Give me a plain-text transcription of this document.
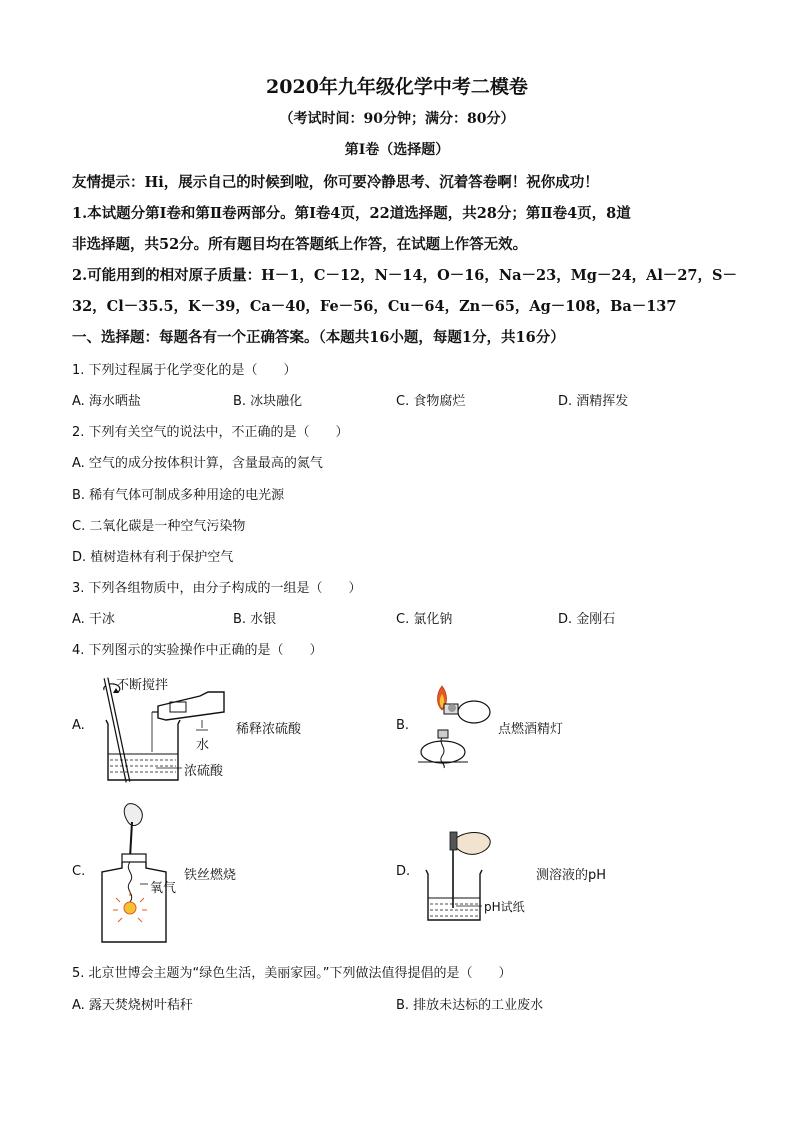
2020年九年级化学中考二模卷
（考试时间：90分钟；满分：80分）
第Ⅰ卷（选择题）
友情提示：Hi，展示自己的时候到啦，你可要冷静思考、沉着答卷啊！祝你成功！
1.本试题分第Ⅰ卷和第Ⅱ卷两部分。第Ⅰ卷4页，22道选择题，共28分；第Ⅱ卷4页，8道
非选择题，共52分。所有题目均在答题纸上作答，在试题上作答无效。
2.可能用到的相对原子质量：H－1，C－12，N－14，O－16，Na－23，Mg－24，Al－27，S－
32，Cl－35.5，K－39，Ca－40，Fe－56，Cu－64，Zn－65，Ag－108，Ba－137
一、选择题：每题各有一个正确答案。（本题共16小题，每题1分，共16分）
1. 下列过程属于化学变化的是（　　）
A. 海水晒盐	B. 冰块融化	C. 食物腐烂	D. 酒精挥发
2. 下列有关空气的说法中，不正确的是（　　）
A. 空气的成分按体积计算，含量最高的氮气
B. 稀有气体可制成多种用途的电光源
C. 二氧化碳是一种空气污染物
D. 植树造林有利于保护空气
3. 下列各组物质中，由分子构成的一组是（　　）
A. 干冰	B. 水银	C. 氯化钠	D. 金刚石
4. 下列图示的实验操作中正确的是（　　）
A.
不断搅拌
稀释浓硫酸
水
浓硫酸
B.	点燃酒精灯
C.	铁丝燃烧
氧气
D.	测溶液的pH
pH试纸
5. 北京世博会主题为“绿色生活，美丽家园。”下列做法值得提倡的是（　　）
A. 露天焚烧树叶秸秆	B. 排放未达标的工业废水
